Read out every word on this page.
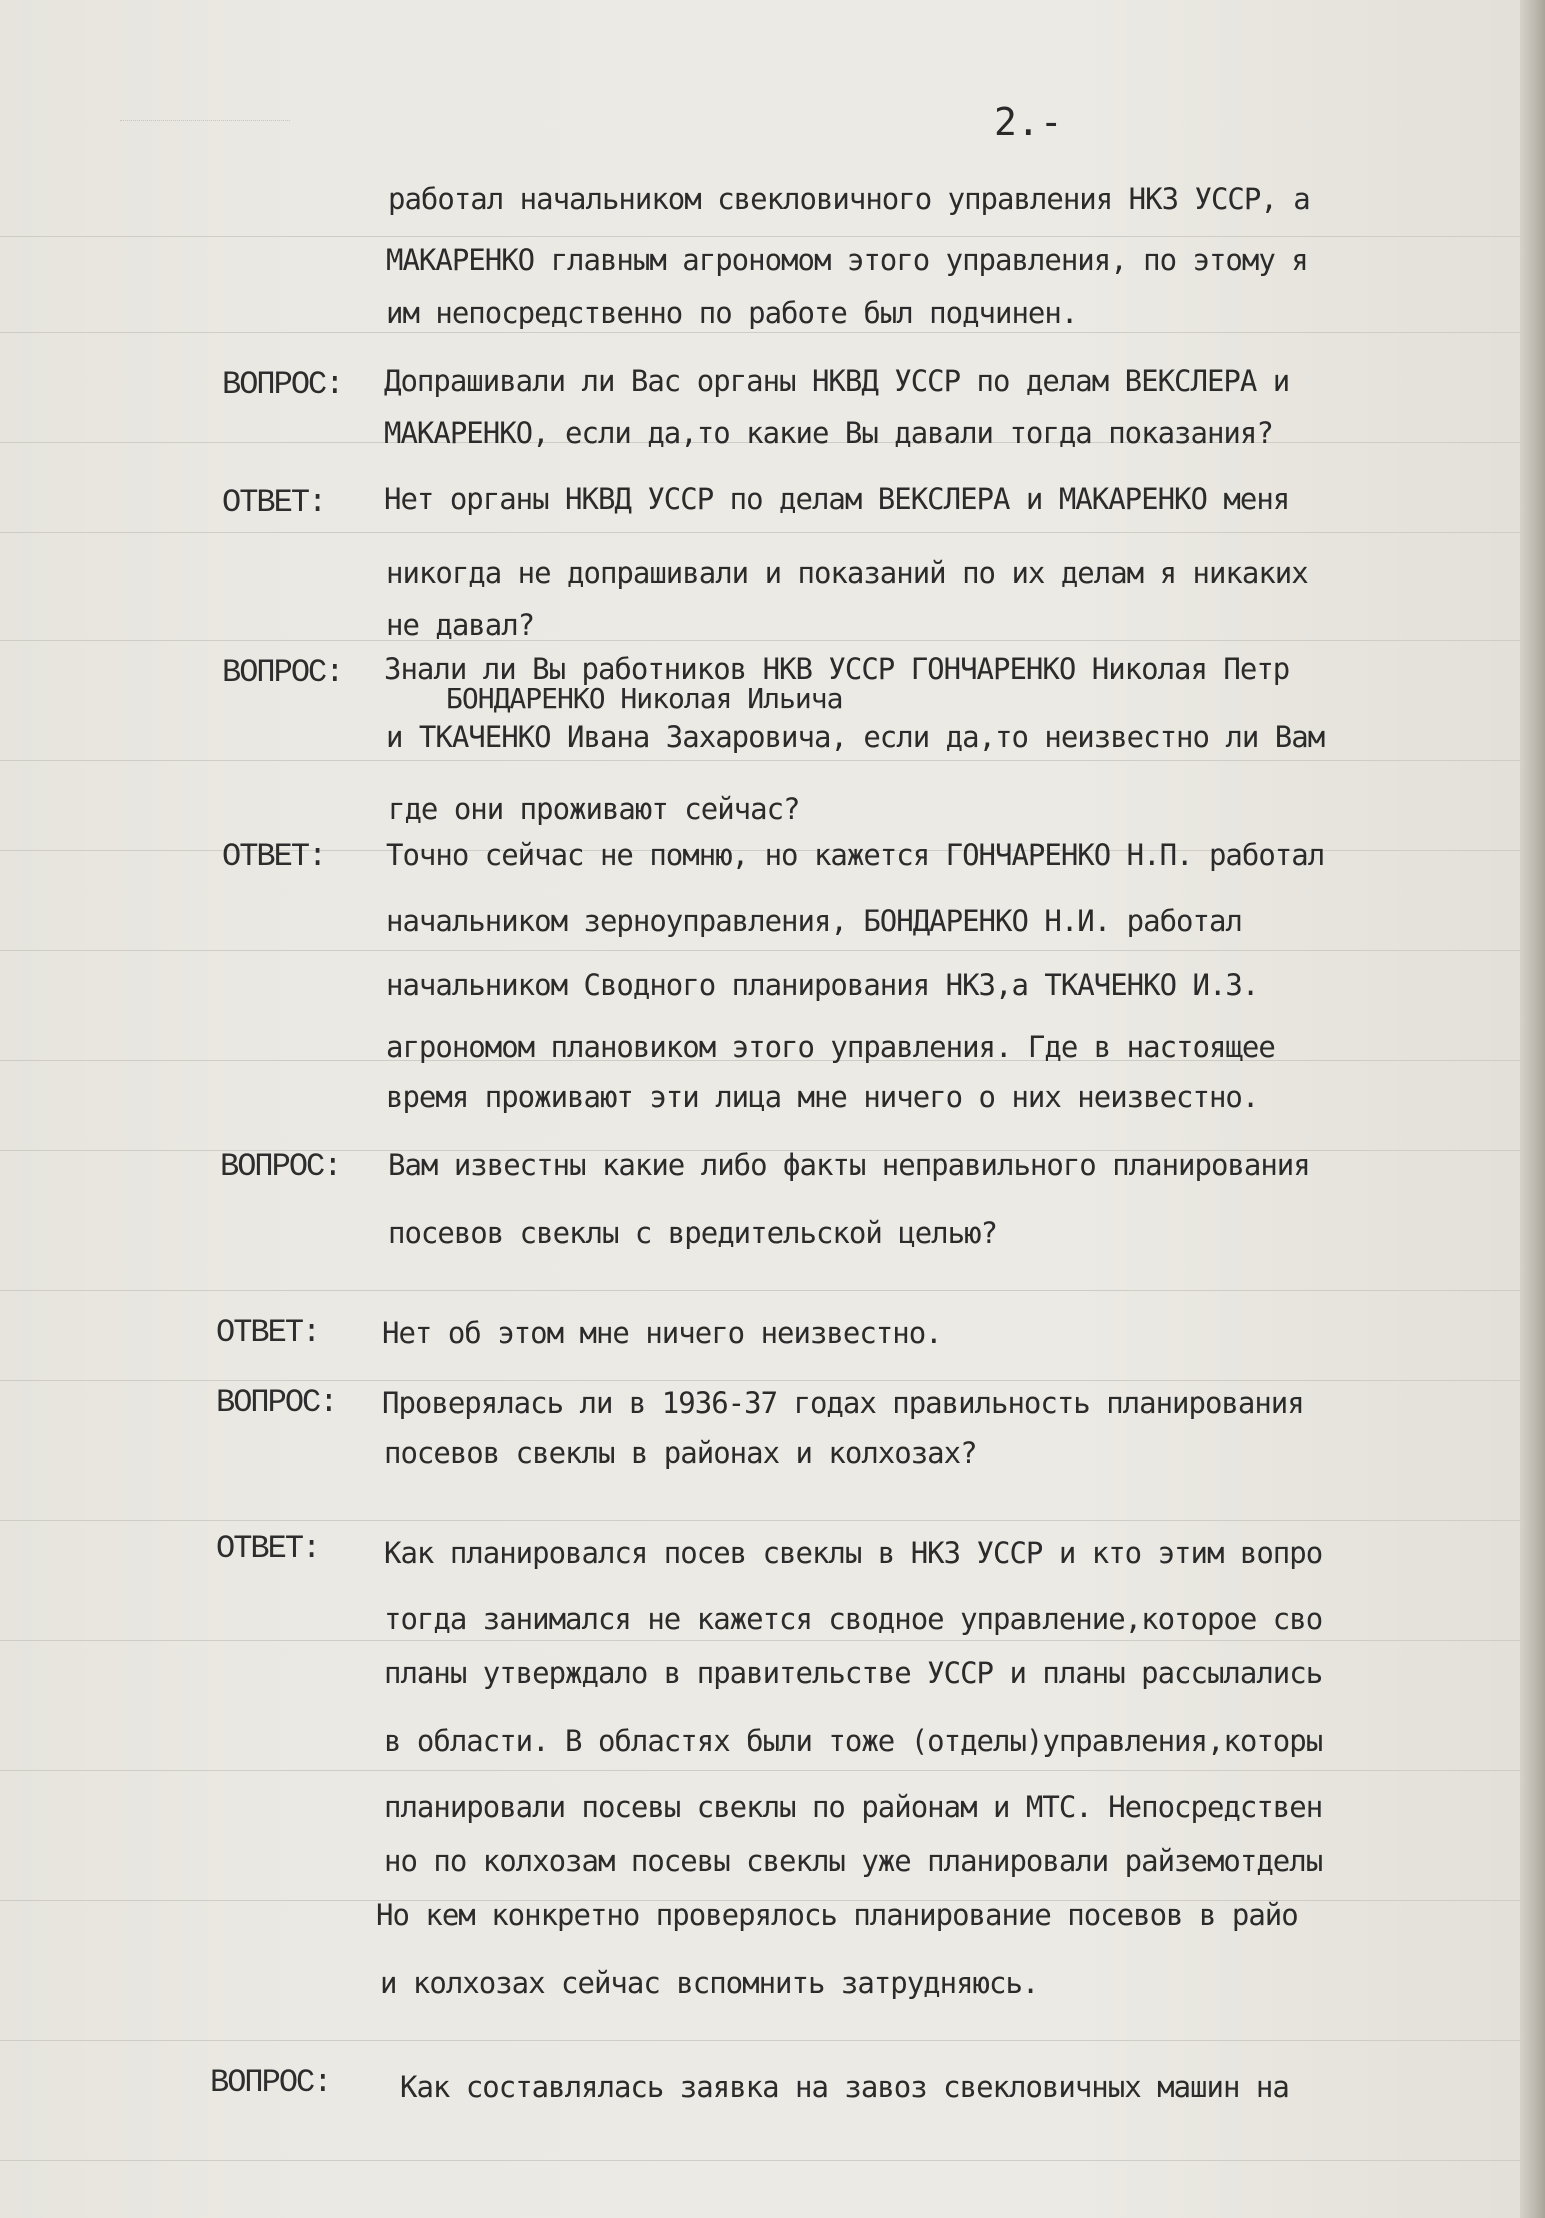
2.-
работал начальником свекловичного управления НКЗ УССР, а
МАКАРЕНКО главным агрономом этого управления, по этому я
им непосредственно по работе был подчинен.
ВОПРОС: Допрашивали ли Вас органы НКВД УССР по делам ВЕКСЛЕРА и
МАКАРЕНКО, если да,то какие Вы давали тогда показания?
ОТВЕТ: Нет органы НКВД УССР по делам ВЕКСЛЕРА и МАКАРЕНКО меня
никогда не допрашивали и показаний по их делам я никаких
не давал?
ВОПРОС: Знали ли Вы работников НКВ УССР ГОНЧАРЕНКО Николая Петр
БОНДАРЕНКО Николая Ильича
и ТКАЧЕНКО Ивана Захаровича, если да,то неизвестно ли Вам
где они проживают сейчас?
ОТВЕТ: Точно сейчас не помню, но кажется ГОНЧАРЕНКО Н.П. работал
начальником зерноуправления, БОНДАРЕНКО Н.И. работал
начальником Сводного планирования НКЗ,а ТКАЧЕНКО И.З.
агрономом плановиком этого управления. Где в настоящее
время проживают эти лица мне ничего о них неизвестно.
ВОПРОС: Вам известны какие либо факты неправильного планирования
посевов свеклы с вредительской целью?
ОТВЕТ: Нет об этом мне ничего неизвестно.
ВОПРОС: Проверялась ли в 1936-37 годах правильность планирования
посевов свеклы в районах и колхозах?
ОТВЕТ: Как планировался посев свеклы в НКЗ УССР и кто этим вопро
тогда занимался не кажется сводное управление,которое сво
планы утверждало в правительстве УССР и планы рассылались
в области. В областях были тоже (отделы)управления,которы
планировали посевы свеклы по районам и МТС. Непосредствен
но по колхозам посевы свеклы уже планировали райземотделы
Но кем конкретно проверялось планирование посевов в райо
и колхозах сейчас вспомнить затрудняюсь.
ВОПРОС: Как составлялась заявка на завоз свекловичных машин на
